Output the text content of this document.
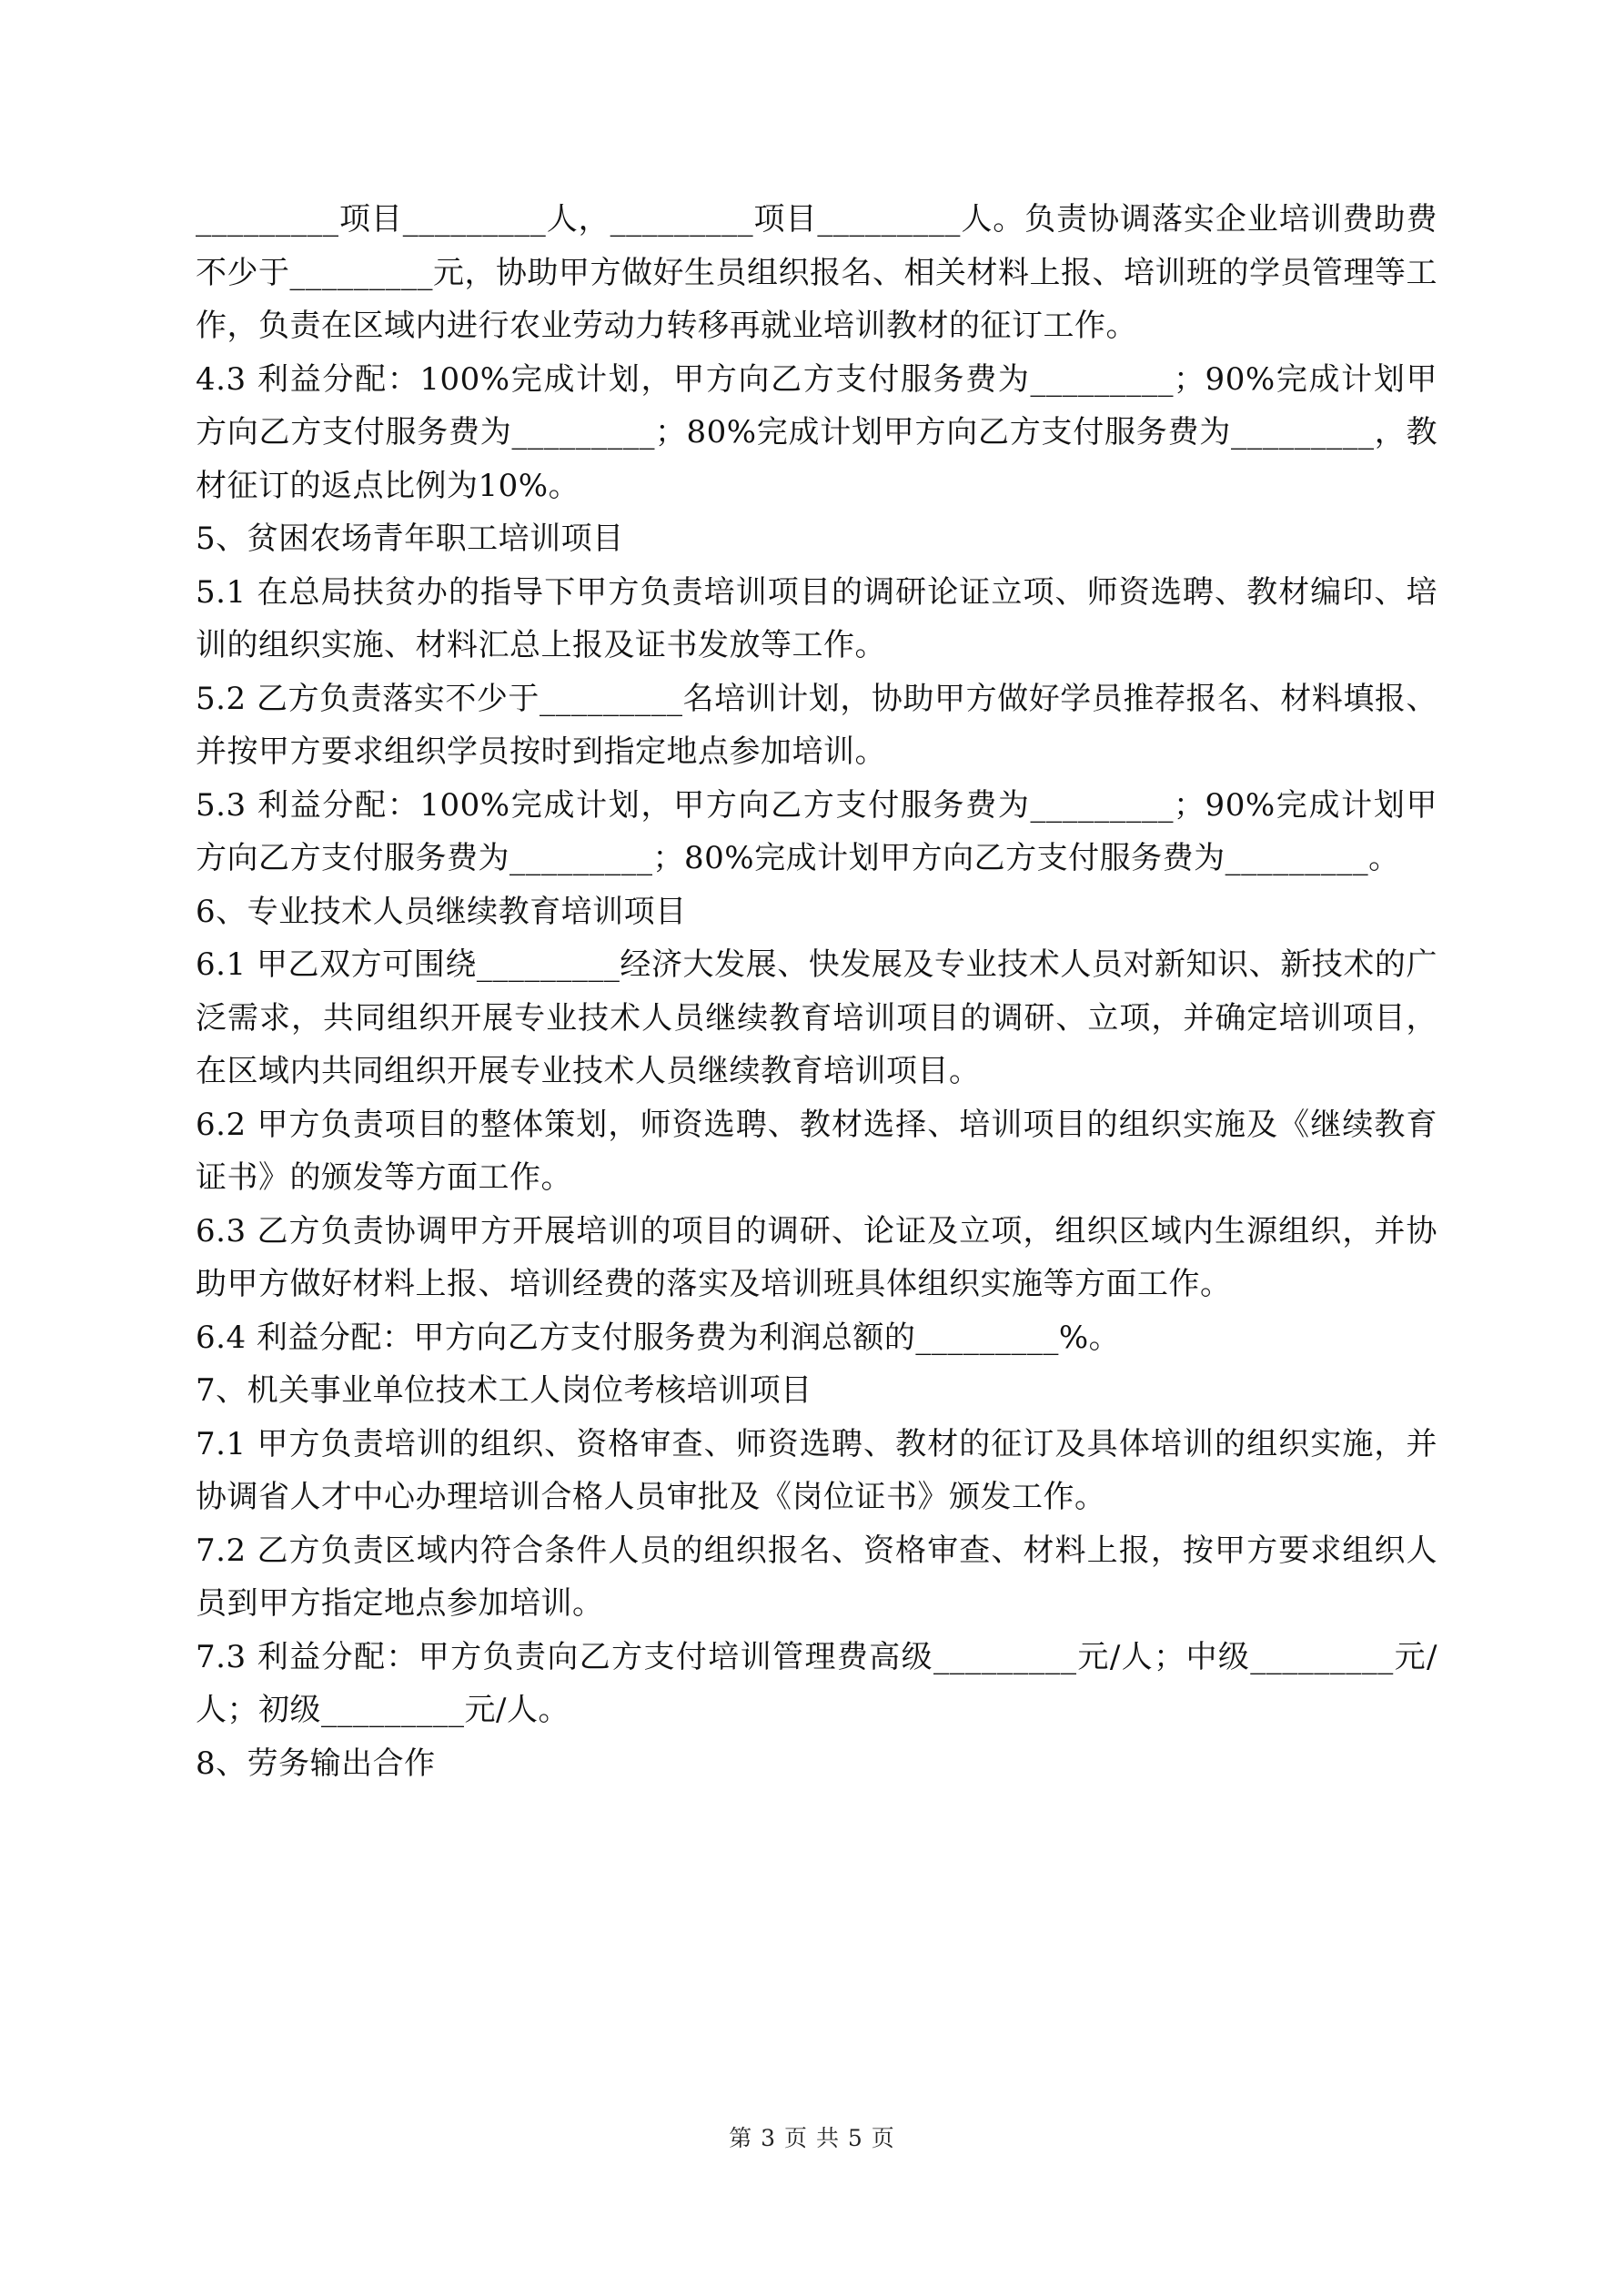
_________项目_________人，_________项目_________人。负责协调落实企业培训费助费不少于_________元，协助甲方做好生员组织报名、相关材料上报、培训班的学员管理等工作，负责在区域内进行农业劳动力转移再就业培训教材的征订工作。

4.3 利益分配：100%完成计划，甲方向乙方支付服务费为_________；90%完成计划甲方向乙方支付服务费为_________；80%完成计划甲方向乙方支付服务费为_________，教材征订的返点比例为10%。

5、贫困农场青年职工培训项目

5.1 在总局扶贫办的指导下甲方负责培训项目的调研论证立项、师资选聘、教材编印、培训的组织实施、材料汇总上报及证书发放等工作。

5.2 乙方负责落实不少于_________名培训计划，协助甲方做好学员推荐报名、材料填报、并按甲方要求组织学员按时到指定地点参加培训。

5.3 利益分配：100%完成计划，甲方向乙方支付服务费为_________；90%完成计划甲方向乙方支付服务费为_________；80%完成计划甲方向乙方支付服务费为_________。

6、专业技术人员继续教育培训项目

6.1 甲乙双方可围绕_________经济大发展、快发展及专业技术人员对新知识、新技术的广泛需求，共同组织开展专业技术人员继续教育培训项目的调研、立项，并确定培训项目，在区域内共同组织开展专业技术人员继续教育培训项目。

6.2 甲方负责项目的整体策划，师资选聘、教材选择、培训项目的组织实施及《继续教育证书》的颁发等方面工作。

6.3 乙方负责协调甲方开展培训的项目的调研、论证及立项，组织区域内生源组织，并协助甲方做好材料上报、培训经费的落实及培训班具体组织实施等方面工作。

6.4 利益分配：甲方向乙方支付服务费为利润总额的_________%。

7、机关事业单位技术工人岗位考核培训项目

7.1 甲方负责培训的组织、资格审查、师资选聘、教材的征订及具体培训的组织实施，并协调省人才中心办理培训合格人员审批及《岗位证书》颁发工作。

7.2 乙方负责区域内符合条件人员的组织报名、资格审查、材料上报，按甲方要求组织人员到甲方指定地点参加培训。

7.3 利益分配：甲方负责向乙方支付培训管理费高级_________元/人；中级_________元/人；初级_________元/人。

8、劳务输出合作

第 3 页 共 5 页
